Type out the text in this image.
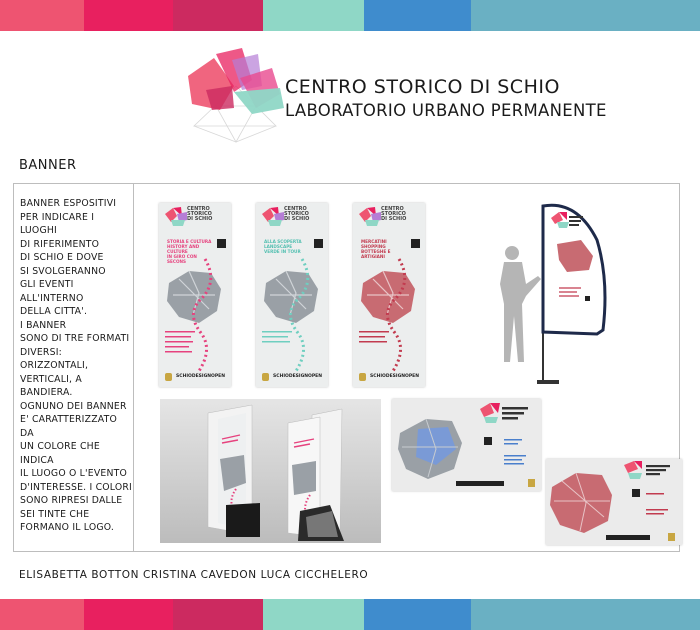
CENTRO STORICO DI SCHIO
LABORATORIO URBANO PERMANENTE
BANNER
BANNER ESPOSITIVI
PER INDICARE I LUOGHI
DI RIFERIMENTO
DI SCHIO E DOVE
SI SVOLGERANNO
GLI EVENTI ALL'INTERNO
DELLA CITTA'.
I BANNER
SONO DI TRE FORMATI
DIVERSI: ORIZZONTALI,
VERTICALI, A BANDIERA.
OGNUNO DEI BANNER
E' CARATTERIZZATO DA
UN COLORE CHE INDICA
IL LUOGO O L'EVENTO
D'INTERESSE. I COLORI
SONO RIPRESI DALLE
SEI TINTE CHE
FORMANO IL LOGO.
CENTRO
STORICO
DI SCHIO
STORIA E CULTURA
HISTORY AND CULTURE
IN GIRO CON SECONS
SCHIODESIGNOPEN
CENTRO
STORICO
DI SCHIO
ALLA SCOPERTA
LANDSCAPE
VERDE IN TOUR
SCHIODESIGNOPEN
CENTRO
STORICO
DI SCHIO
MERCATINI
SHOPPING
BOTTEGHE E ARTIGIANI
SCHIODESIGNOPEN
ELISABETTA BOTTON CRISTINA CAVEDON LUCA CICCHELERO
